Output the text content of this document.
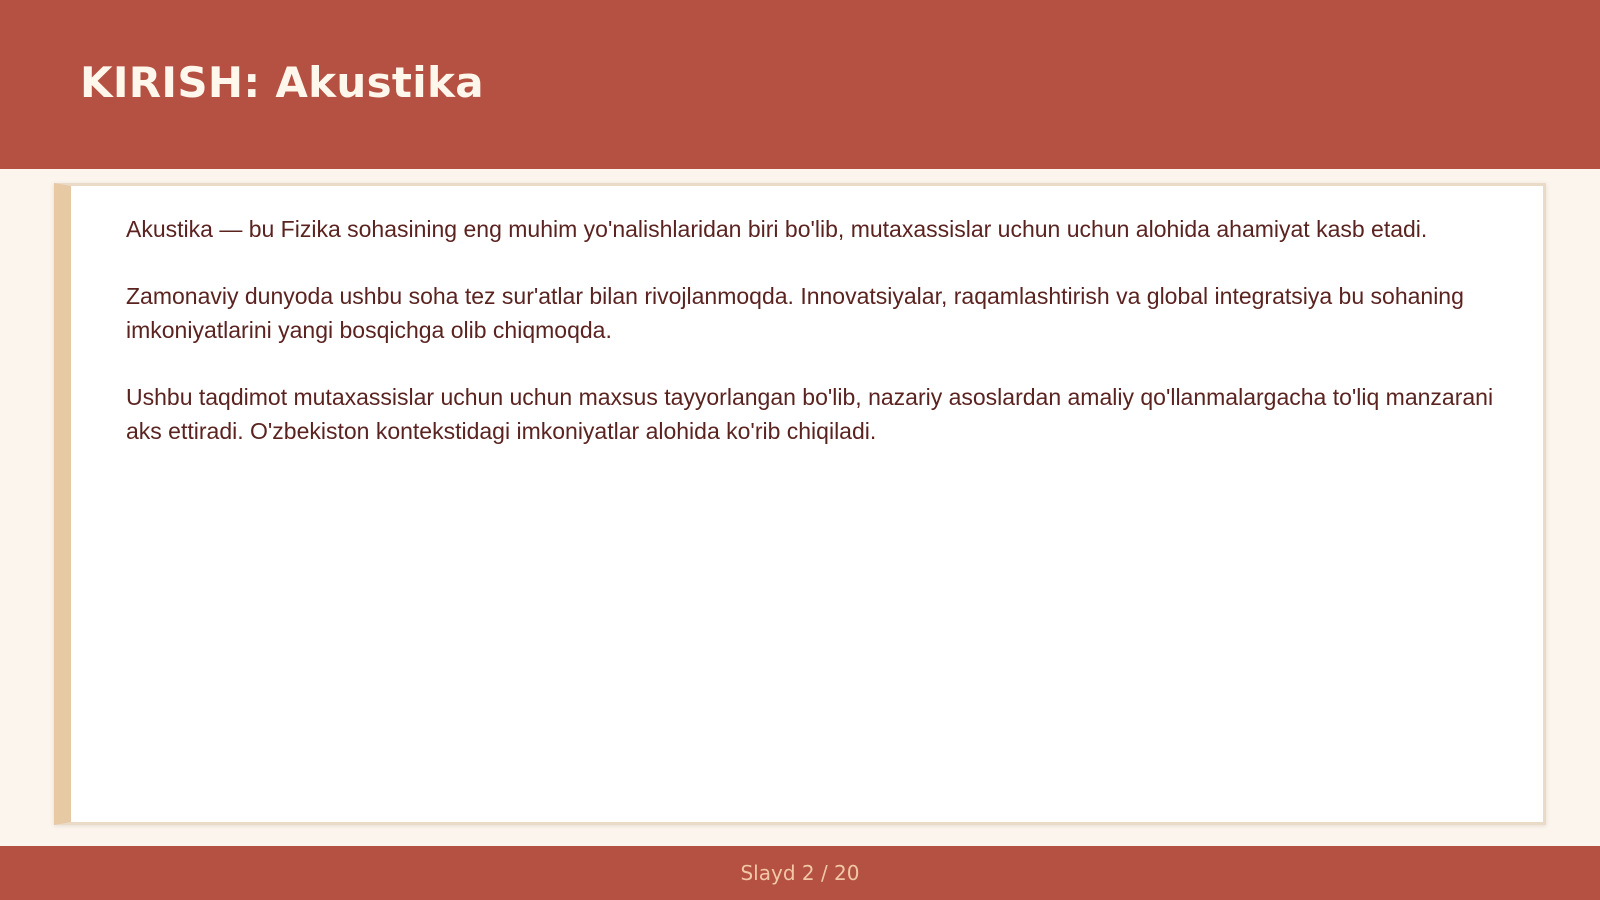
KIRISH: Akustika

Akustika — bu Fizika sohasining eng muhim yo'nalishlaridan biri bo'lib, mutaxassislar uchun uchun alohida ahamiyat kasb etadi.

Zamonaviy dunyoda ushbu soha tez sur'atlar bilan rivojlanmoqda. Innovatsiyalar, raqamlashtirish va global integratsiya bu sohaning imkoniyatlarini yangi bosqichga olib chiqmoqda.

Ushbu taqdimot mutaxassislar uchun uchun maxsus tayyorlangan bo'lib, nazariy asoslardan amaliy qo'llanmalargacha to'liq manzarani aks ettiradi. O'zbekiston kontekstidagi imkoniyatlar alohida ko'rib chiqiladi.

Slayd 2 / 20
